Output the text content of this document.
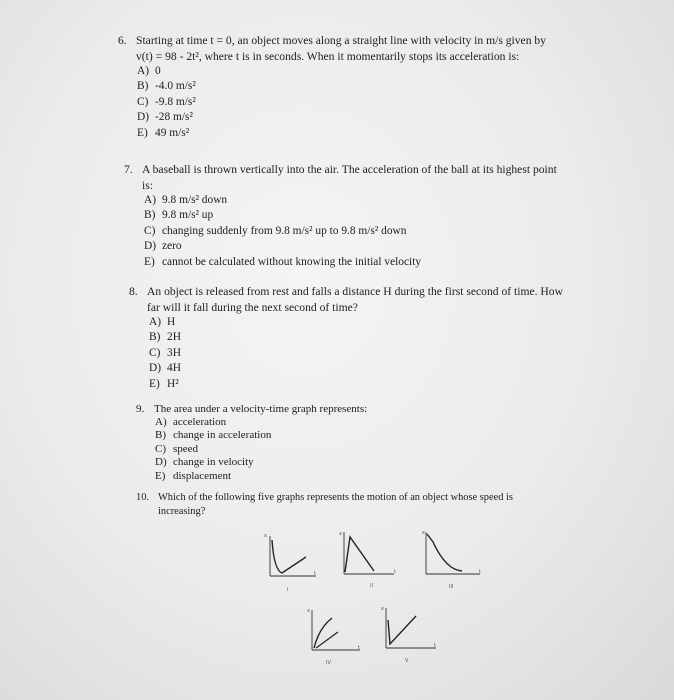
6. Starting at time t = 0, an object moves along a straight line with velocity in m/s given by
v(t) = 98 - 2t², where t is in seconds. When it momentarily stops its acceleration is:

A) 0
B) -4.0 m/s²
C) -9.8 m/s²
D) -28 m/s²
E) 49 m/s²

7. A baseball is thrown vertically into the air. The acceleration of the ball at its highest point
is:

A) 9.8 m/s² down
B) 9.8 m/s² up
C) changing suddenly from 9.8 m/s² up to 9.8 m/s² down
D) zero
E) cannot be calculated without knowing the initial velocity

8. An object is released from rest and falls a distance H during the first second of time. How
far will it fall during the next second of time?

A) H
B) 2H
C) 3H
D) 4H
E) H²

9. The area under a velocity-time graph represents:

A) acceleration
B) change in acceleration
C) speed
D) change in velocity
E) displacement

10. Which of the following five graphs represents the motion of an object whose speed is
increasing?

x
t
I
x
t
II
x
t
III
x
t
IV
x
t
V
